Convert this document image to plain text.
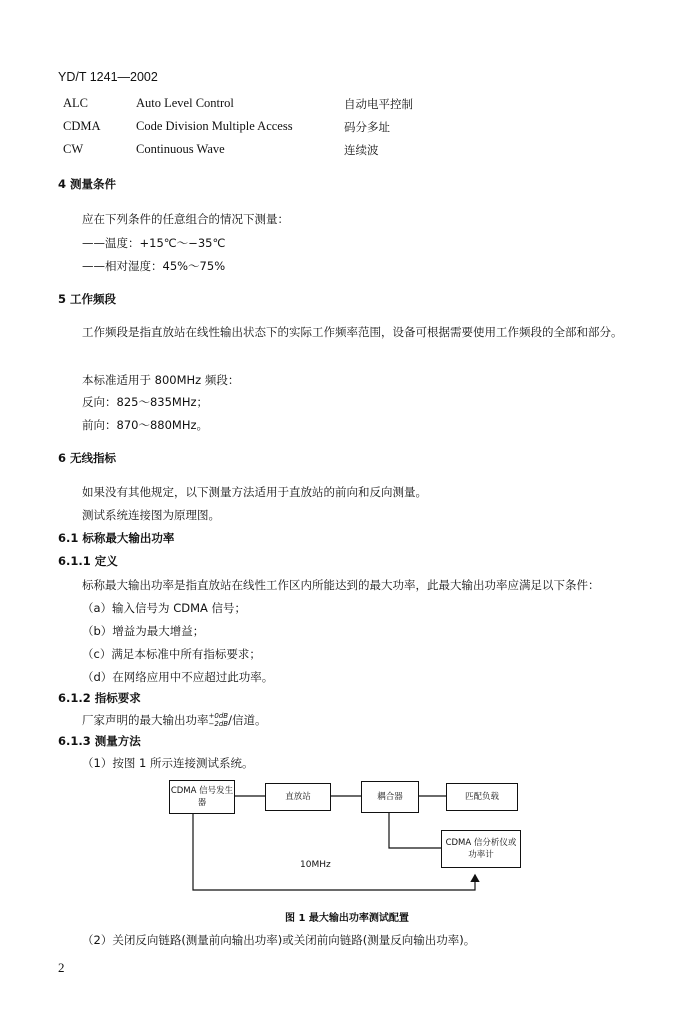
YD/T 1241—2002
ALC	Auto Level Control	自动电平控制
CDMA	Code Division Multiple Access	码分多址
CW	Continuous Wave	连续波
4 测量条件
应在下列条件的任意组合的情况下测量：
——温度：+15℃～−35℃
——相对湿度：45%～75%
5 工作频段
工作频段是指直放站在线性输出状态下的实际工作频率范围，设备可根据需要使用工作频段的全部和部分。
本标准适用于 800MHz 频段：
反向：825～835MHz；
前向：870～880MHz。
6 无线指标
如果没有其他规定，以下测量方法适用于直放站的前向和反向测量。
测试系统连接图为原理图。
6.1 标称最大输出功率
6.1.1 定义
标称最大输出功率是指直放站在线性工作区内所能达到的最大功率，此最大输出功率应满足以下条件：
（a）输入信号为 CDMA 信号；
（b）增益为最大增益；
（c）满足本标准中所有指标要求；
（d）在网络应用中不应超过此功率。
6.1.2 指标要求
厂家声明的最大输出功率+0dB
−2dB/信道。
6.1.3 测量方法
（1）按图 1 所示连接测试系统。
CDMA 信号发生器
直放站	耦合器	匹配负载
CDMA 信分析仪或功率计
10MHz
图 1 最大输出功率测试配置
（2）关闭反向链路(测量前向输出功率)或关闭前向链路(测量反向输出功率)。
2
